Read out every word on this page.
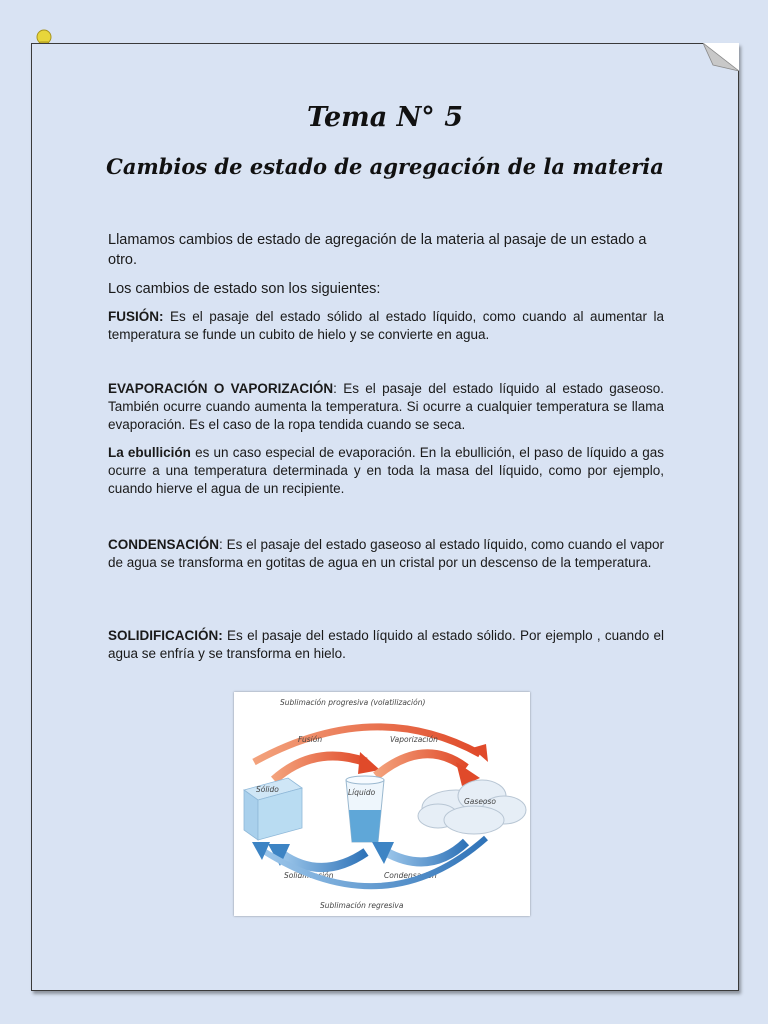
Tema N° 5
Cambios de estado de agregación de la materia
Llamamos cambios de estado de agregación de la materia al pasaje de un estado a otro.
Los cambios de estado son los siguientes:
FUSIÓN: Es el pasaje del estado sólido al estado líquido, como cuando al aumentar la temperatura se funde un cubito de hielo y se convierte en agua.
EVAPORACIÓN O VAPORIZACIÓN: Es el pasaje del estado líquido al estado gaseoso. También ocurre cuando aumenta la temperatura. Si ocurre a cualquier temperatura se llama evaporación. Es el caso de la ropa tendida cuando se seca.
La ebullición es un caso especial de evaporación. En la ebullición, el paso de líquido a gas ocurre a una temperatura determinada y en toda la masa del líquido, como por ejemplo, cuando hierve el agua de un recipiente.
CONDENSACIÓN: Es el pasaje del estado gaseoso al estado líquido, como cuando el vapor de agua se transforma en gotitas de agua en un cristal por un descenso de la temperatura.
SOLIDIFICACIÓN: Es el pasaje del estado líquido al estado sólido. Por ejemplo , cuando el agua se enfría y se transforma en hielo.
Sublimación progresiva (volatilización)
Fusión	Vaporización
Sólido	Líquido
Gaseoso
Solidificación	Condensación
Sublimación regresiva
